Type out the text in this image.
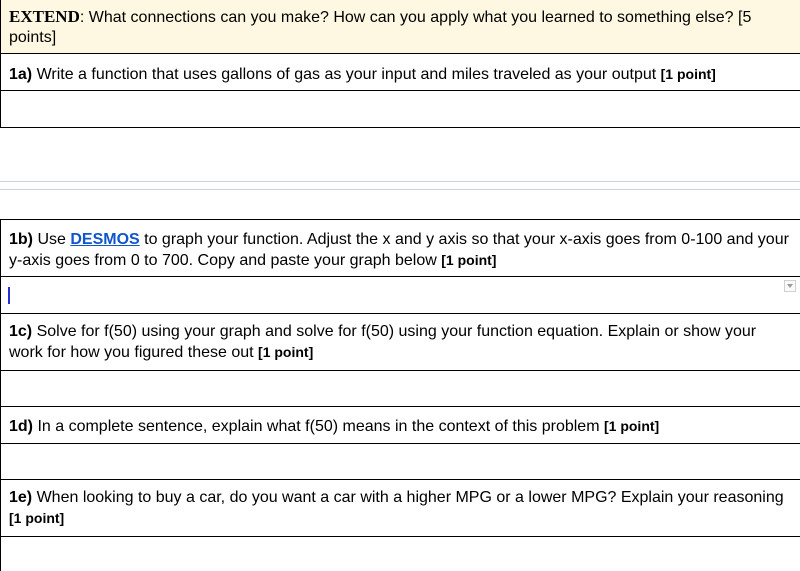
EXTEND: What connections can you make? How can you apply what you learned to something else? [5 points]
1a) Write a function that uses gallons of gas as your input and miles traveled as your output [1 point]
1b) Use DESMOS to graph your function. Adjust the x and y axis so that your x-axis goes from 0-100 and your y-axis goes from 0 to 700. Copy and paste your graph below [1 point]
1c) Solve for f(50) using your graph and solve for f(50) using your function equation. Explain or show your work for how you figured these out [1 point]
1d) In a complete sentence, explain what f(50) means in the context of this problem [1 point]
1e) When looking to buy a car, do you want a car with a higher MPG or a lower MPG? Explain your reasoning [1 point]
